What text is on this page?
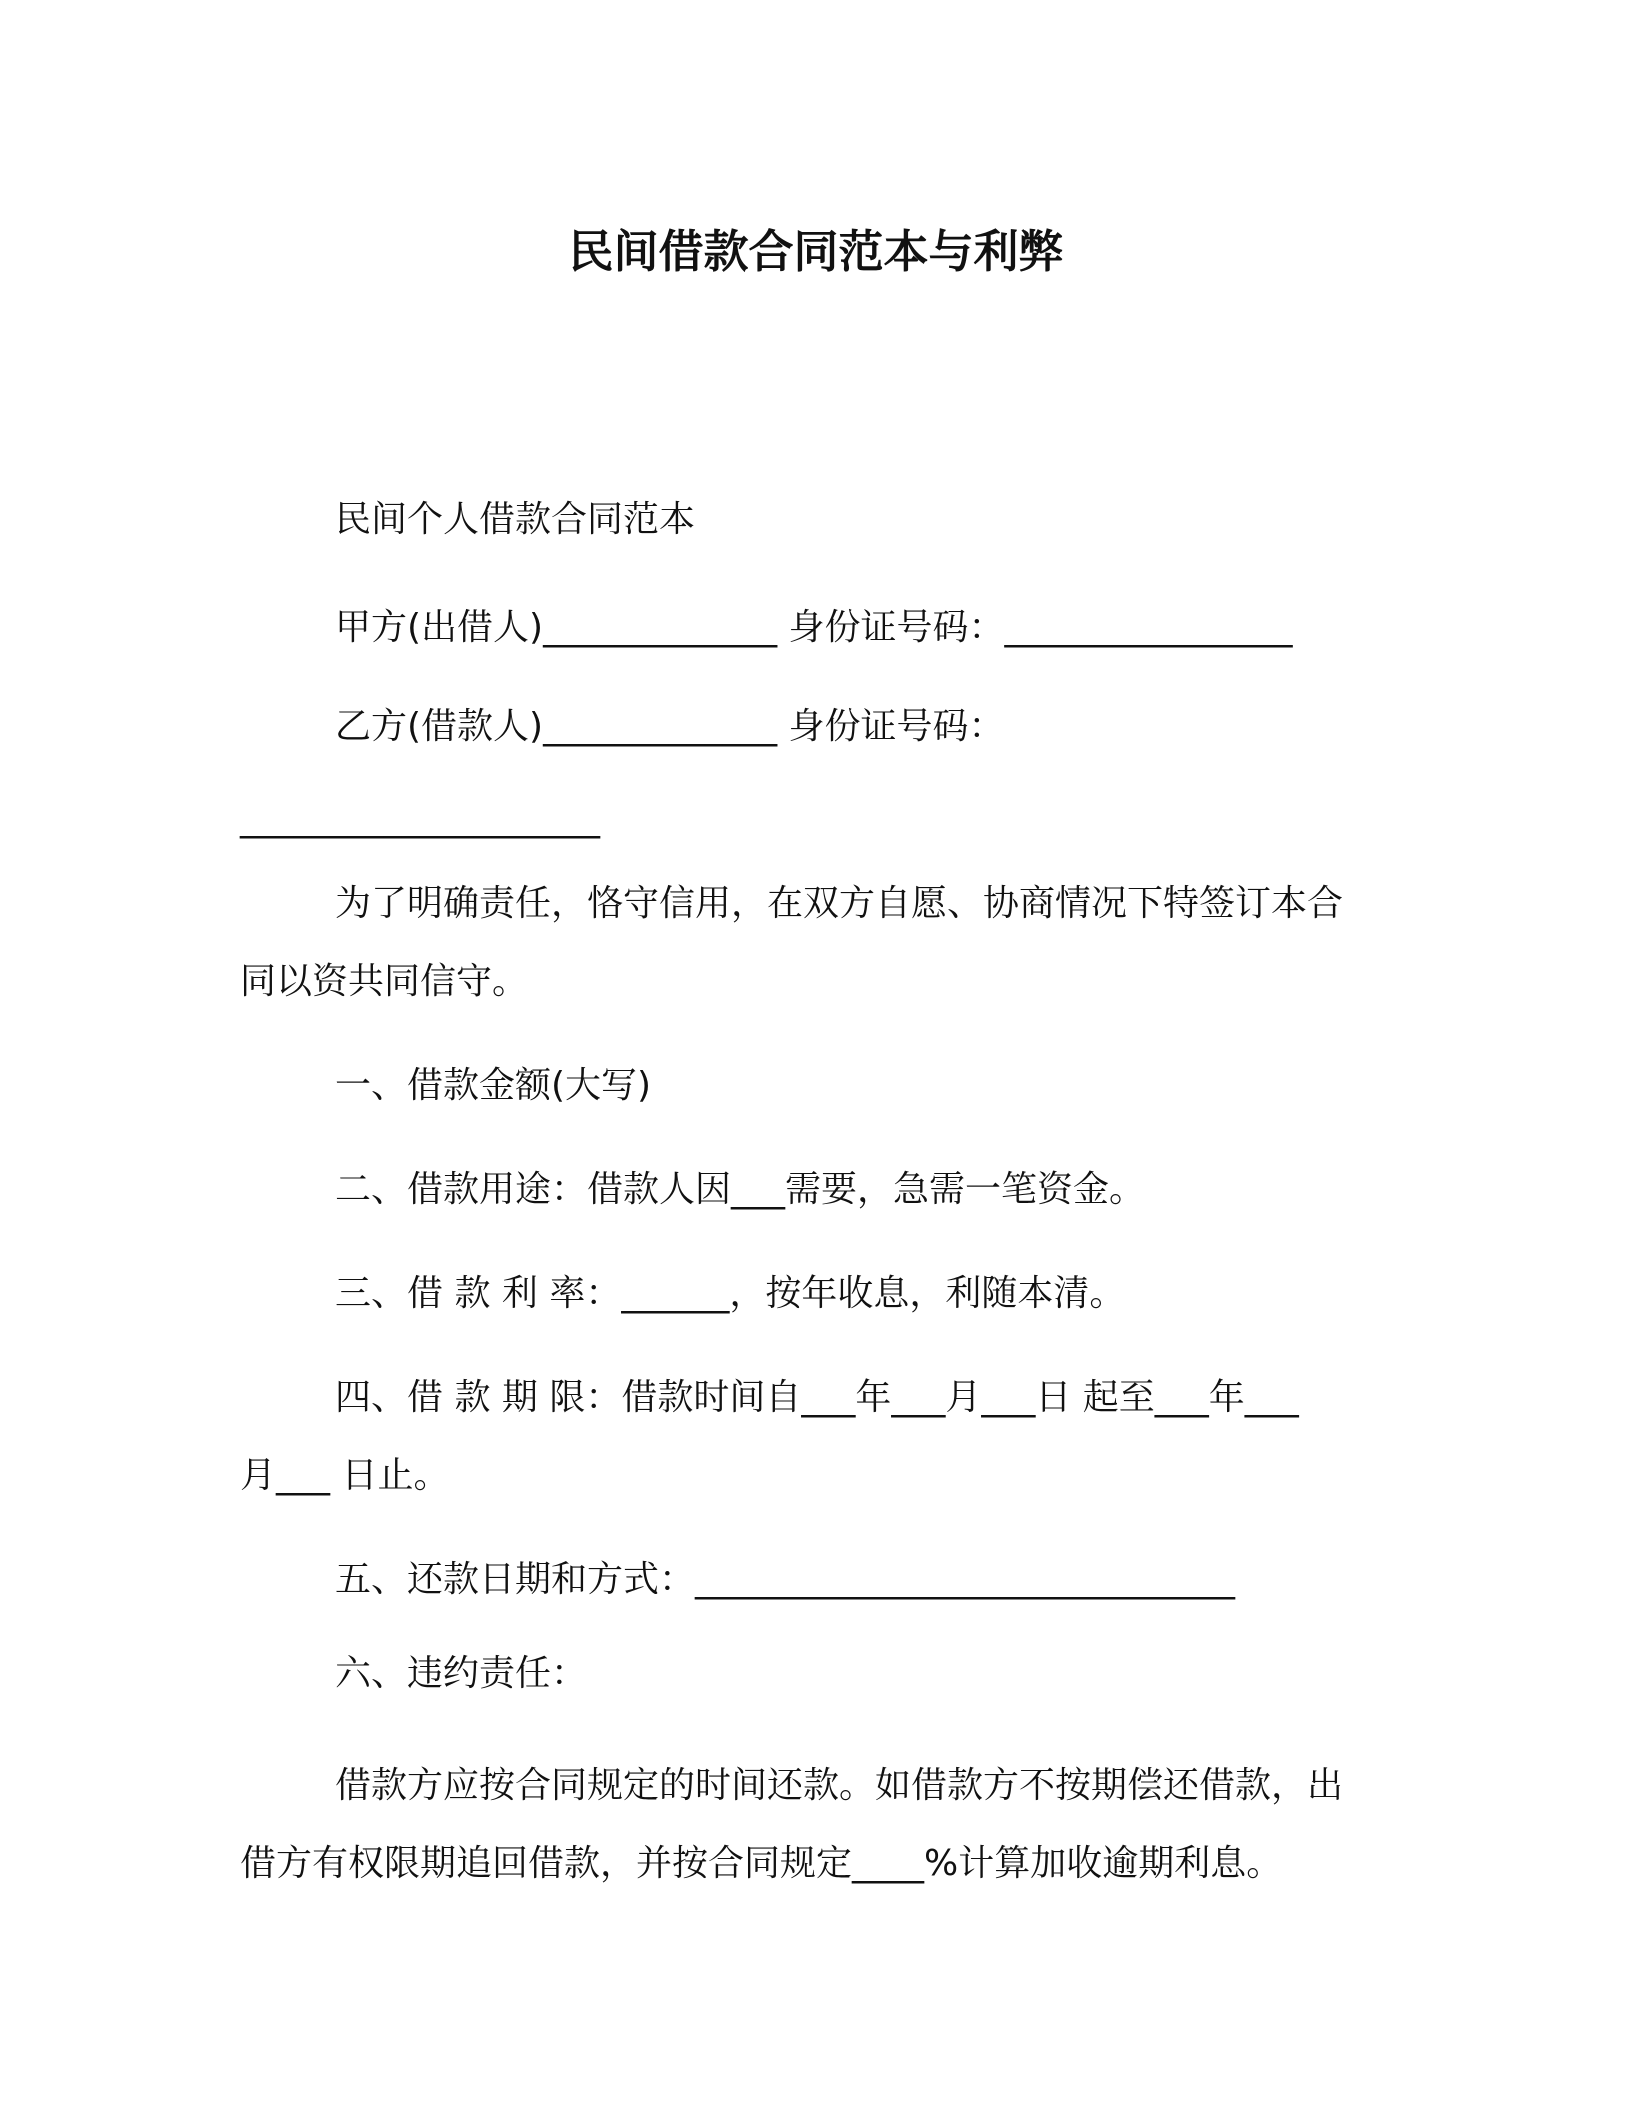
民间借款合同范本与利弊
民间个人借款合同范本
甲方(出借人)_____________ 身份证号码：________________
乙方(借款人)_____________ 身份证号码：
____________________
为了明确责任，恪守信用，在双方自愿、协商情况下特签订本合
同以资共同信守。
一、借款金额(大写)
二、借款用途：借款人因___需要，急需一笔资金。
三、借 款 利 率：______，按年收息，利随本清。
四、借 款 期 限：借款时间自___年___月___日 起至___年___
月___ 日止。
五、还款日期和方式：______________________________
六、违约责任：
借款方应按合同规定的时间还款。如借款方不按期偿还借款，出
借方有权限期追回借款，并按合同规定____%计算加收逾期利息。
